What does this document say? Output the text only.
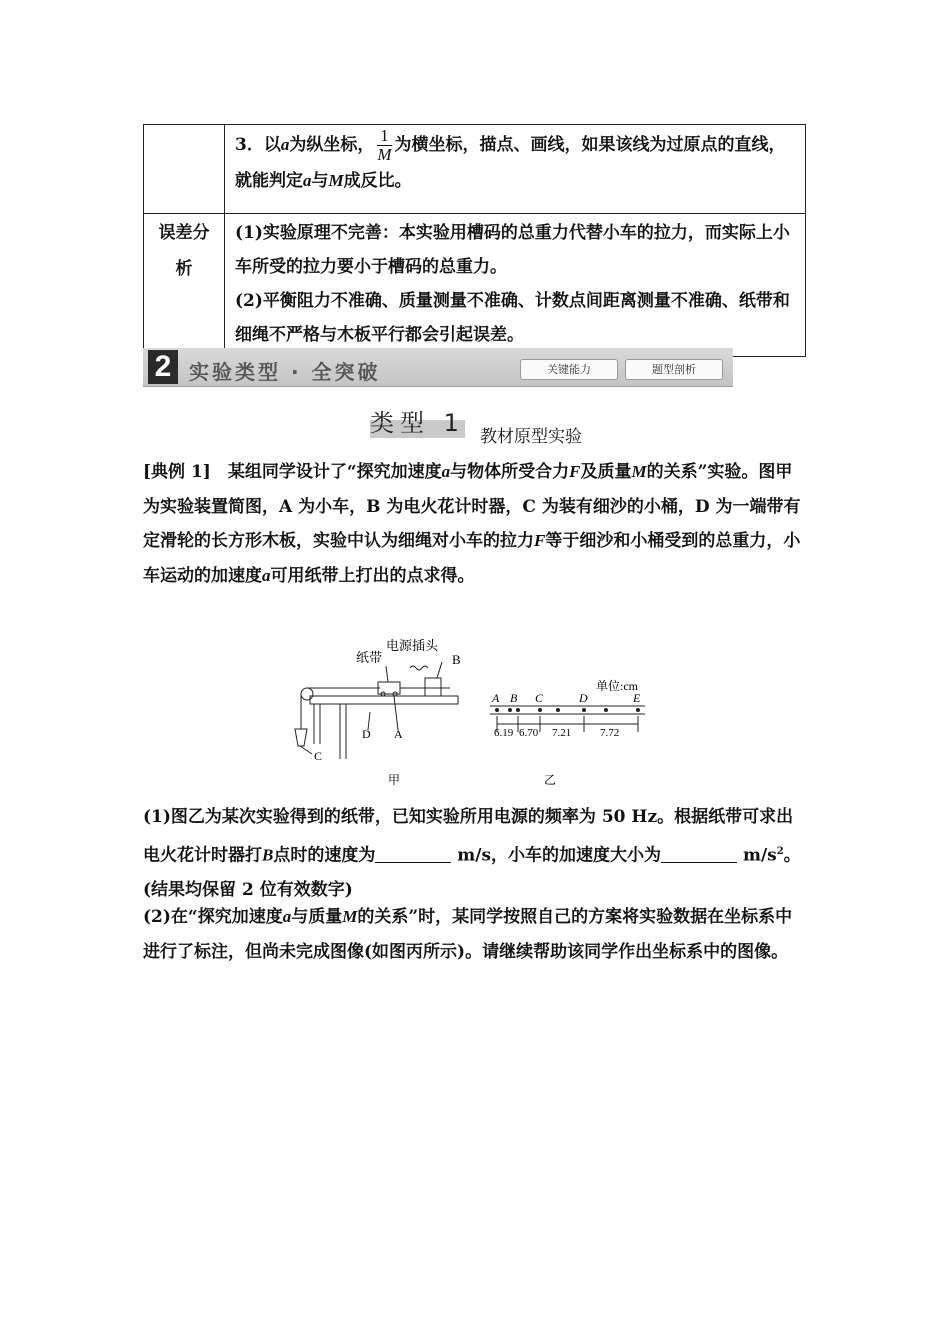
	3．以a为纵坐标， $\frac{1}{M}$ 为横坐标，描点、画线，如果该线为过原点的直线，就能判定a与M成反比。
误差分析	(1)实验原理不完善：本实验用槽码的总重力代替小车的拉力，而实际上小车所受的拉力要小于槽码的总重力。
(2)平衡阻力不准确、质量测量不准确、计数点间距离测量不准确、纸带和细绳不严格与木板平行都会引起误差。
2 实验类型 · 全突破	关键能力	题型剖析
类型 1 教材原型实验
[典例 1]　某组同学设计了“探究加速度a与物体所受合力F及质量M的关系”实验。图甲为实验装置简图，A 为小车，B 为电火花计时器，C 为装有细沙的小桶，D 为一端带有定滑轮的长方形木板，实验中认为细绳对小车的拉力F等于细沙和小桶受到的总重力，小车运动的加速度a可用纸带上打出的点求得。
电源插头
纸带	B
A
C
D
甲
单位:cm
A B C	D	E
6.19 6.70 7.21	7.72
乙
(1)图乙为某次实验得到的纸带，已知实验所用电源的频率为 50 Hz。根据纸带可求出电火花计时器打B点时的速度为	m/s，小车的加速度大小为	$m/s^2$。(结果均保留 2 位有效数字)
(2)在“探究加速度a与质量M的关系”时，某同学按照自己的方案将实验数据在坐标系中进行了标注，但尚未完成图像(如图丙所示)。请继续帮助该同学作出坐标系中的图像。
